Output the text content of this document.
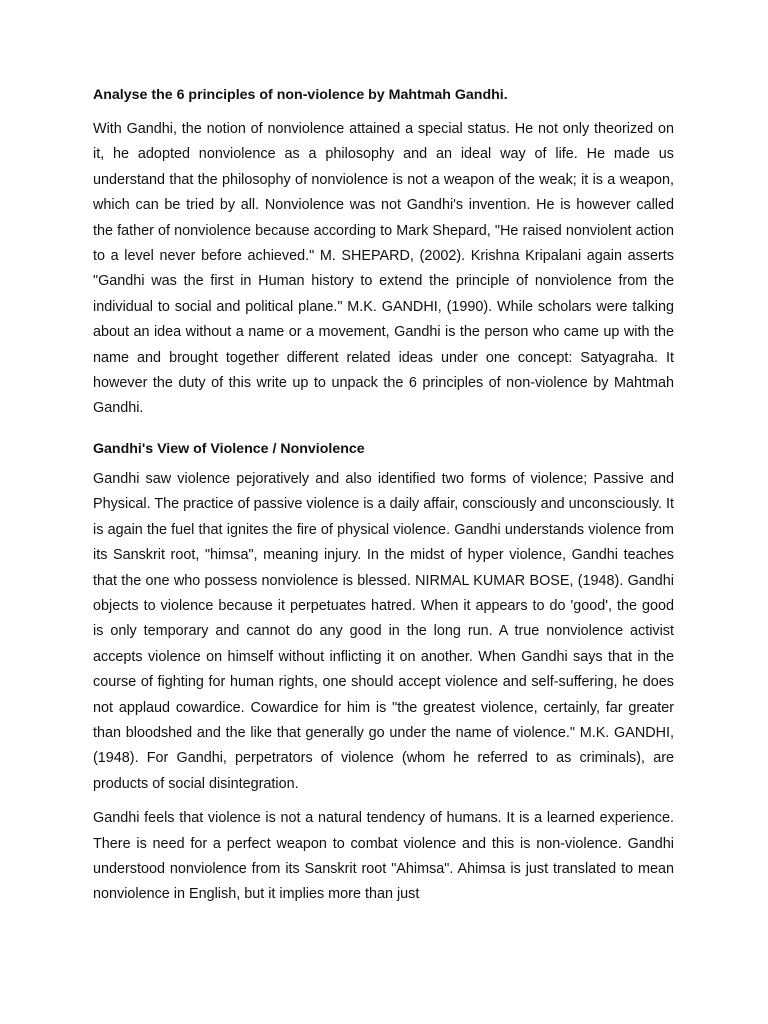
Analyse the 6 principles of non-violence by Mahtmah Gandhi.

With Gandhi, the notion of nonviolence attained a special status. He not only theorized on it, he adopted nonviolence as a philosophy and an ideal way of life. He made us understand that the philosophy of nonviolence is not a weapon of the weak; it is a weapon, which can be tried by all. Nonviolence was not Gandhi's invention. He is however called the father of nonviolence because according to Mark Shepard, "He raised nonviolent action to a level never before achieved." M. SHEPARD, (2002). Krishna Kripalani again asserts "Gandhi was the first in Human history to extend the principle of nonviolence from the individual to social and political plane." M.K. GANDHI, (1990). While scholars were talking about an idea without a name or a movement, Gandhi is the person who came up with the name and brought together different related ideas under one concept: Satyagraha. It however the duty of this write up to unpack the 6 principles of non-violence by Mahtmah Gandhi.

Gandhi's View of Violence / Nonviolence

Gandhi saw violence pejoratively and also identified two forms of violence; Passive and Physical. The practice of passive violence is a daily affair, consciously and unconsciously. It is again the fuel that ignites the fire of physical violence. Gandhi understands violence from its Sanskrit root, "himsa", meaning injury. In the midst of hyper violence, Gandhi teaches that the one who possess nonviolence is blessed. NIRMAL KUMAR BOSE, (1948). Gandhi objects to violence because it perpetuates hatred. When it appears to do 'good', the good is only temporary and cannot do any good in the long run. A true nonviolence activist accepts violence on himself without inflicting it on another. When Gandhi says that in the course of fighting for human rights, one should accept violence and self-suffering, he does not applaud cowardice. Cowardice for him is "the greatest violence, certainly, far greater than bloodshed and the like that generally go under the name of violence." M.K. GANDHI, (1948). For Gandhi, perpetrators of violence (whom he referred to as criminals), are products of social disintegration.

Gandhi feels that violence is not a natural tendency of humans. It is a learned experience. There is need for a perfect weapon to combat violence and this is non-violence. Gandhi understood nonviolence from its Sanskrit root "Ahimsa". Ahimsa is just translated to mean nonviolence in English, but it implies more than just
